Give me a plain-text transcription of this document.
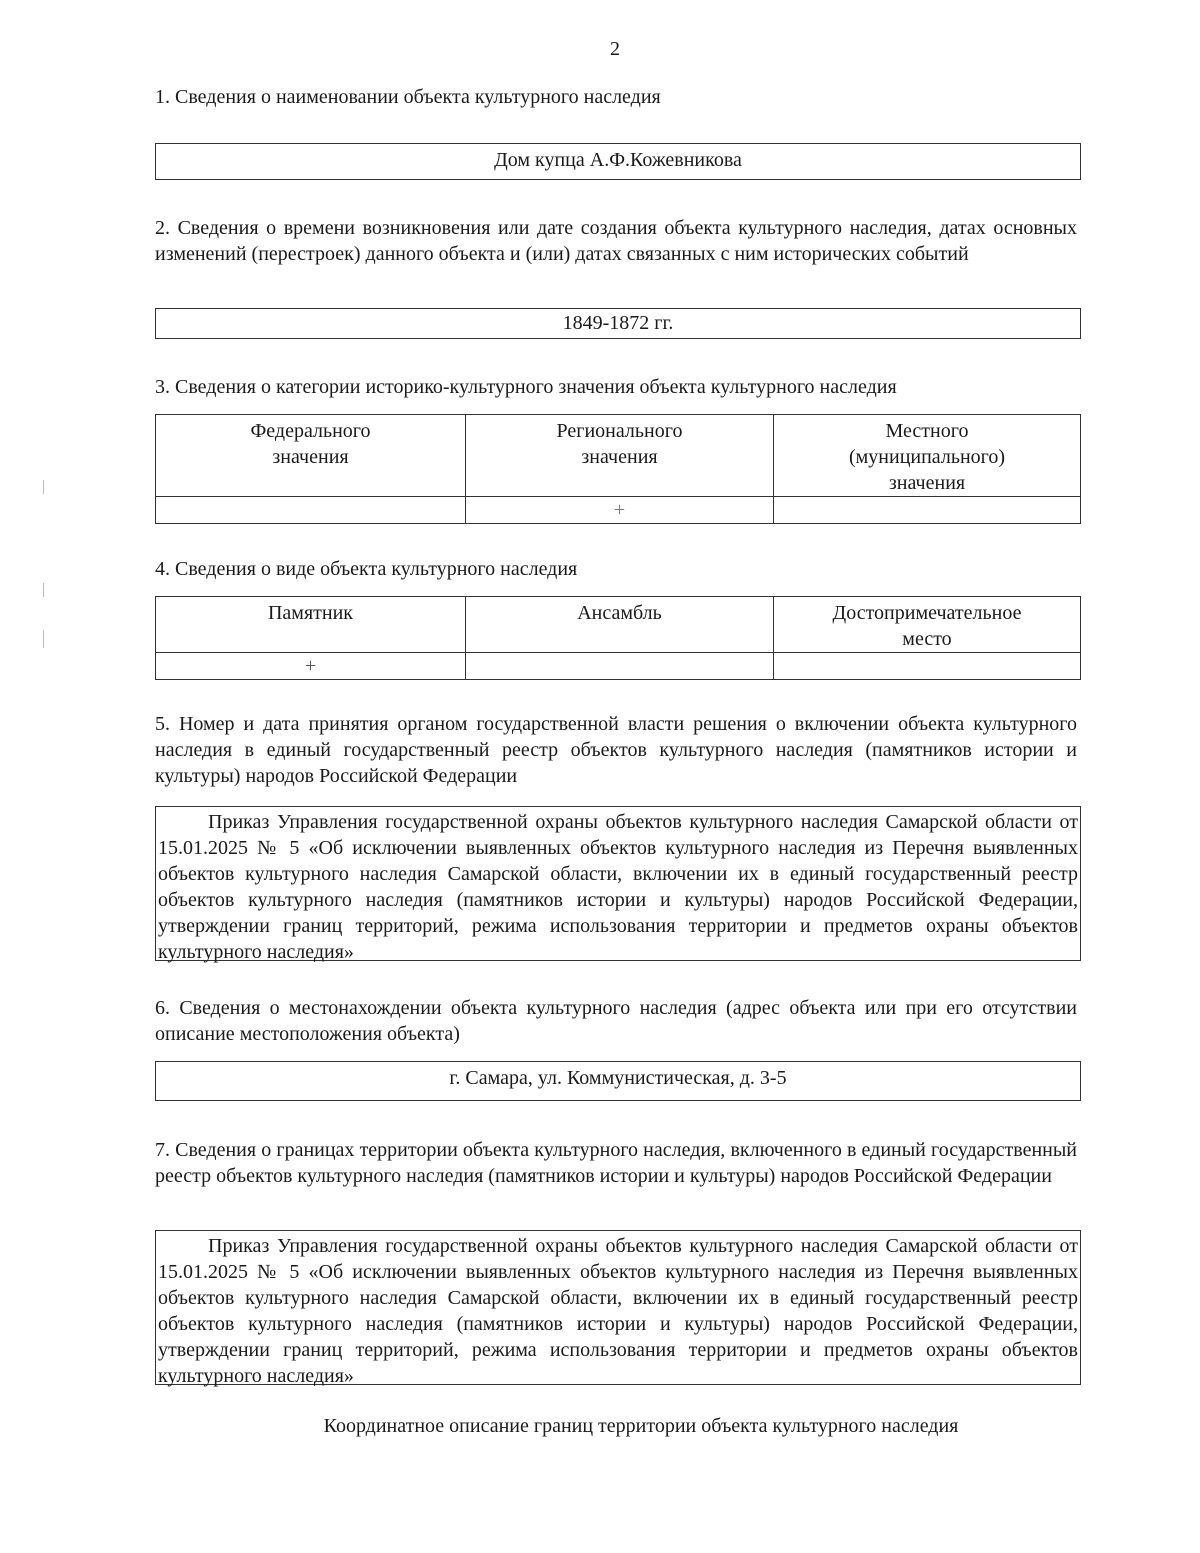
2
1. Сведения о наименовании объекта культурного наследия
Дом купца А.Ф.Кожевникова
2. Сведения о времени возникновения или дате создания объекта культурного наследия, датах основных изменений (перестроек) данного объекта и (или) датах связанных с ним исторических событий
1849-1872 гг.
3. Сведения о категории историко-культурного значения объекта культурного наследия
Федерального значения	Регионального значения	Местного (муниципального) значения

	+	
4. Сведения о виде объекта культурного наследия
Памятник	Ансамбль	Достопримечательное место

+		
5. Номер и дата принятия органом государственной власти решения о включении объекта культурного наследия в единый государственный реестр объектов культурного наследия (памятников истории и культуры) народов Российской Федерации
Приказ Управления государственной охраны объектов культурного наследия Самарской области от 15.01.2025 № 5 «Об исключении выявленных объектов культурного наследия из Перечня выявленных объектов культурного наследия Самарской области, включении их в единый государственный реестр объектов культурного наследия (памятников истории и культуры) народов Российской Федерации, утверждении границ территорий, режима использования территории и предметов охраны объектов культурного наследия»
6. Сведения о местонахождении объекта культурного наследия (адрес объекта или при его отсутствии описание местоположения объекта)
г. Самара, ул. Коммунистическая, д. 3-5
7. Сведения о границах территории объекта культурного наследия, включенного в единый государственный реестр объектов культурного наследия (памятников истории и культуры) народов Российской Федерации
Приказ Управления государственной охраны объектов культурного наследия Самарской области от 15.01.2025 № 5 «Об исключении выявленных объектов культурного наследия из Перечня выявленных объектов культурного наследия Самарской области, включении их в единый государственный реестр объектов культурного наследия (памятников истории и культуры) народов Российской Федерации, утверждении границ территорий, режима использования территории и предметов охраны объектов культурного наследия»
Координатное описание границ территории объекта культурного наследия
